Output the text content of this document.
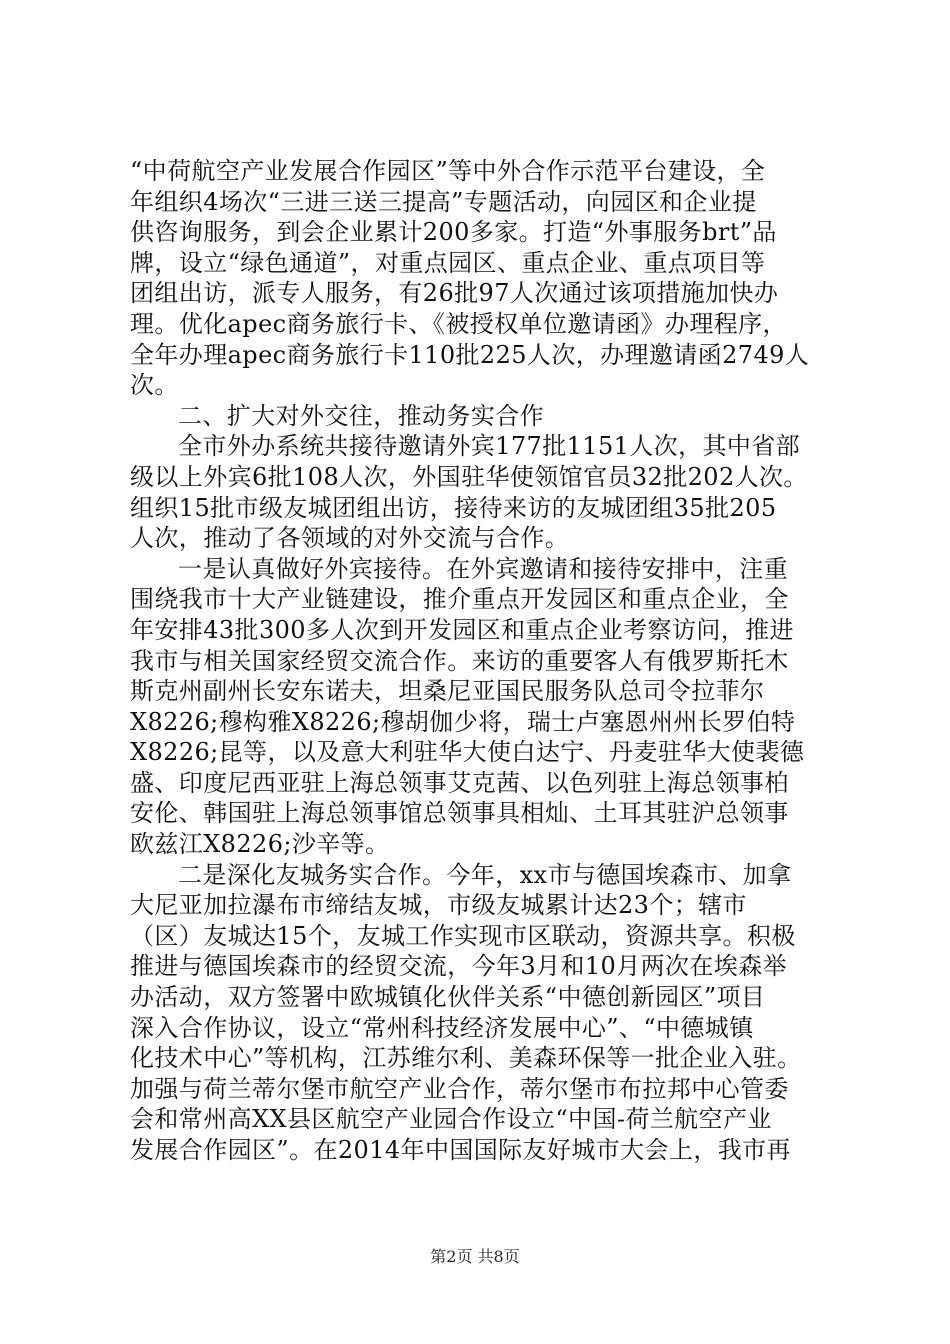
“中荷航空产业发展合作园区”等中外合作示范平台建设，全
年组织4场次“三进三送三提高”专题活动，向园区和企业提
供咨询服务，到会企业累计200多家。打造“外事服务brt”品
牌，设立“绿色通道”，对重点园区、重点企业、重点项目等
团组出访，派专人服务，有26批97人次通过该项措施加快办
理。优化apec商务旅行卡、《被授权单位邀请函》办理程序，
全年办理apec商务旅行卡110批225人次，办理邀请函2749人
次。
二、扩大对外交往，推动务实合作
全市外办系统共接待邀请外宾177批1151人次，其中省部
级以上外宾6批108人次，外国驻华使领馆官员32批202人次。
组织15批市级友城团组出访，接待来访的友城团组35批205
人次，推动了各领域的对外交流与合作。
一是认真做好外宾接待。在外宾邀请和接待安排中，注重
围绕我市十大产业链建设，推介重点开发园区和重点企业，全
年安排43批300多人次到开发园区和重点企业考察访问，推进
我市与相关国家经贸交流合作。来访的重要客人有俄罗斯托木
斯克州副州长安东诺夫，坦桑尼亚国民服务队总司令拉菲尔
X8226;穆构雅X8226;穆胡伽少将，瑞士卢塞恩州州长罗伯特
X8226;昆等，以及意大利驻华大使白达宁、丹麦驻华大使裴德
盛、印度尼西亚驻上海总领事艾克茜、以色列驻上海总领事柏
安伦、韩国驻上海总领事馆总领事具相灿、土耳其驻沪总领事
欧兹江X8226;沙辛等。
二是深化友城务实合作。今年，xx市与德国埃森市、加拿
大尼亚加拉瀑布市缔结友城，市级友城累计达23个；辖市
（区）友城达15个，友城工作实现市区联动，资源共享。积极
推进与德国埃森市的经贸交流，今年3月和10月两次在埃森举
办活动，双方签署中欧城镇化伙伴关系“中德创新园区”项目
深入合作协议，设立“常州科技经济发展中心”、“中德城镇
化技术中心”等机构，江苏维尔利、美森环保等一批企业入驻。
加强与荷兰蒂尔堡市航空产业合作，蒂尔堡市布拉邦中心管委
会和常州高XX县区航空产业园合作设立“中国-荷兰航空产业
发展合作园区”。在2014年中国国际友好城市大会上，我市再
第2页 共8页
